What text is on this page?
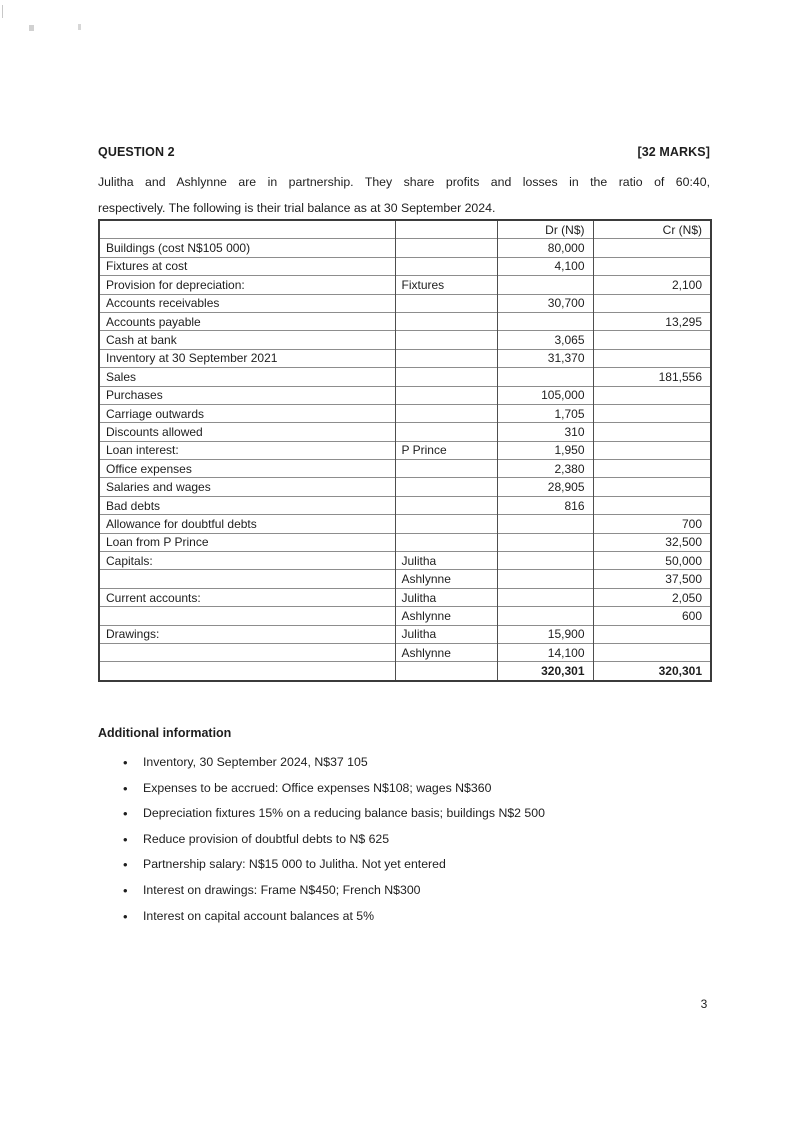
QUESTION 2	[32 MARKS]
Julitha and Ashlynne are in partnership. They share profits and losses in the ratio of 60:40,
respectively. The following is their trial balance as at 30 September 2024.
		Dr (N$)	Cr (N$)
Buildings (cost N$105 000)		80,000	
Fixtures at cost		4,100	
Provision for depreciation:	Fixtures		2,100
Accounts receivables		30,700	
Accounts payable			13,295
Cash at bank		3,065	
Inventory at 30 September 2021		31,370	
Sales			181,556
Purchases		105,000	
Carriage outwards		1,705	
Discounts allowed		310	
Loan interest:	P Prince	1,950	
Office expenses		2,380	
Salaries and wages		28,905	
Bad debts		816	
Allowance for doubtful debts			700
Loan from P Prince			32,500
Capitals:	Julitha		50,000
	Ashlynne		37,500
Current accounts:	Julitha		2,050
	Ashlynne		600
Drawings:	Julitha	15,900	
	Ashlynne	14,100	
		320,301	320,301
Additional information
• Inventory, 30 September 2024, N$37 105
• Expenses to be accrued: Office expenses N$108; wages N$360
• Depreciation fixtures 15% on a reducing balance basis; buildings N$2 500
• Reduce provision of doubtful debts to N$ 625
• Partnership salary: N$15 000 to Julitha. Not yet entered
• Interest on drawings: Frame N$450; French N$300
• Interest on capital account balances at 5%
3
